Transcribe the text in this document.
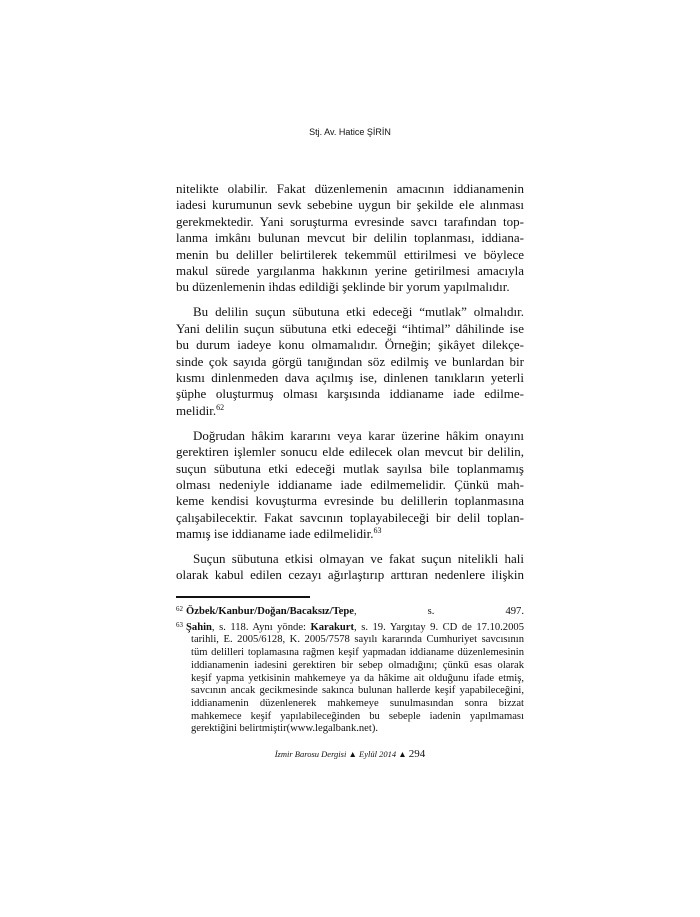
Stj. Av. Hatice ŞİRİN
nitelikte olabilir. Fakat düzenlemenin amacının iddianamenin
iadesi kurumunun sevk sebebine uygun bir şekilde ele alınması
gerekmektedir. Yani soruşturma evresinde savcı tarafından top-
lanma imkânı bulunan mevcut bir delilin toplanması, iddiana-
menin bu deliller belirtilerek tekemmül ettirilmesi ve böylece
makul sürede yargılanma hakkının yerine getirilmesi amacıyla
bu düzenlemenin ihdas edildiği şeklinde bir yorum yapılmalıdır.
Bu delilin suçun sübutuna etki edeceği “mutlak” olmalıdır.
Yani delilin suçun sübutuna etki edeceği “ihtimal” dâhilinde ise
bu durum iadeye konu olmamalıdır. Örneğin; şikâyet dilekçe-
sinde çok sayıda görgü tanığından söz edilmiş ve bunlardan bir
kısmı dinlenmeden dava açılmış ise, dinlenen tanıkların yeterli
şüphe oluşturmuş olması karşısında iddianame iade edilme-
melidir.$^{62}$
Doğrudan hâkim kararını veya karar üzerine hâkim onayını
gerektiren işlemler sonucu elde edilecek olan mevcut bir delilin,
suçun sübutuna etki edeceği mutlak sayılsa bile toplanmamış
olması nedeniyle iddianame iade edilmemelidir. Çünkü mah-
keme kendisi kovuşturma evresinde bu delillerin toplanmasına
çalışabilecektir. Fakat savcının toplayabileceği bir delil toplan-
mamış ise iddianame iade edilmelidir.$^{63}$
Suçun sübutuna etkisi olmayan ve fakat suçun nitelikli hali
olarak kabul edilen cezayı ağırlaştırıp arttıran nedenlere ilişkin
$^{62}$ Özbek/Kanbur/Doğan/Bacaksız/Tepe, s. 497.
$^{63}$ Şahin, s. 118. Aynı yönde: Karakurt, s. 19. Yargıtay 9. CD de 17.10.2005
tarihli, E. 2005/6128, K. 2005/7578 sayılı kararında Cumhuriyet savcısının
tüm delilleri toplamasına rağmen keşif yapmadan iddianame düzenlemesinin
iddianamenin iadesini gerektiren bir sebep olmadığını; çünkü esas olarak
keşif yapma yetkisinin mahkemeye ya da hâkime ait olduğunu ifade etmiş,
savcının ancak gecikmesinde sakınca bulunan hallerde keşif yapabileceğini,
iddianamenin düzenlenerek mahkemeye sunulmasından sonra bizzat
mahkemece keşif yapılabileceğinden bu sebeple iadenin yapılmaması
gerektiğini belirtmiştir(www.legalbank.net).
İzmir Barosu Dergisi ▲ Eylül 2014 ▲ 294
